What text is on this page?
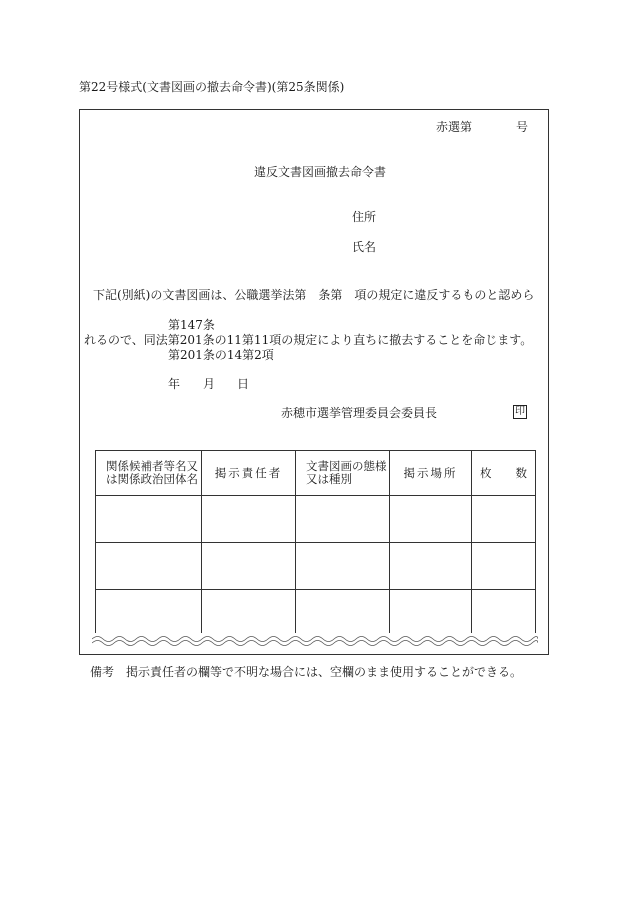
第22号様式(文書図画の撤去命令書)(第25条関係)
赤選第	号
違反文書図画撤去命令書
住所
氏名
下記(別紙)の文書図画は、公職選挙法第　条第　項の規定に違反するものと認めら
第147条
れるので、同法第201条の11第11項の規定により直ちに撤去することを命じます。
第201条の14第2項
年 月 日
赤穂市選挙管理委員会委員長	印
関係候補者等名又は関係政治団体名	掲示責任者	文書図画の態様又は種別	掲示場所	枚数

備考　掲示責任者の欄等で不明な場合には、空欄のまま使用することができる。
